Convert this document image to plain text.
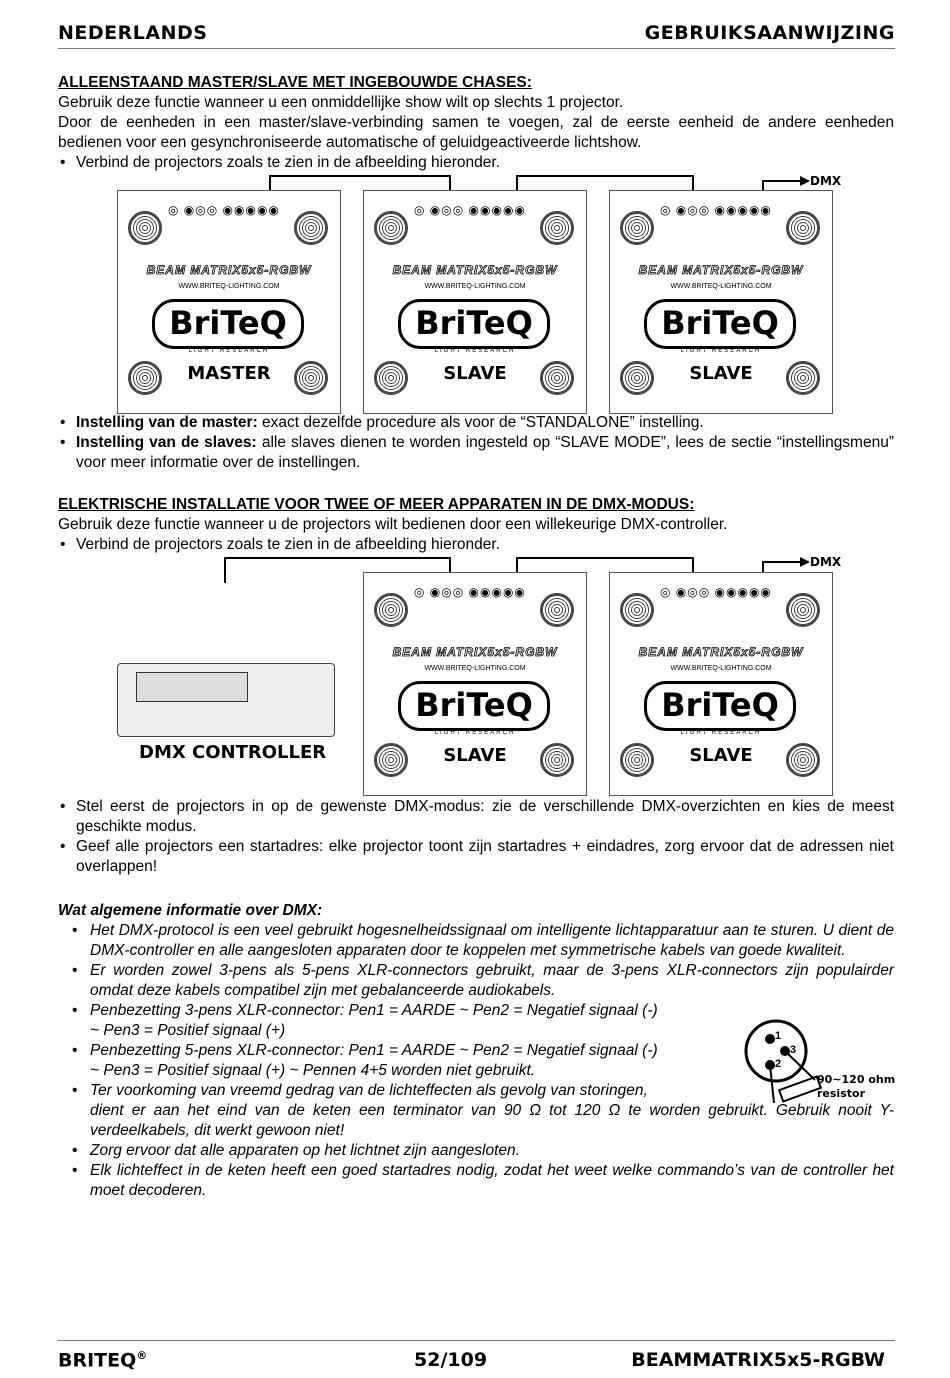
NEDERLANDS	GEBRUIKSAANWIJZING
ALLEENSTAAND MASTER/SLAVE MET INGEBOUWDE CHASES:
Gebruik deze functie wanneer u een onmiddellijke show wilt op slechts 1 projector.
Door de eenheden in een master/slave-verbinding samen te voegen, zal de eerste eenheid de andere eenheden bedienen voor een gesynchroniseerde automatische of geluidgeactiveerde lichtshow.
• Verbind de projectors zoals te zien in de afbeelding hieronder.
DMX
DMX
◎ ◉◎◎ ◉◉◉◉◉
BEAM MATRIX5x5-RGBW
WWW.BRITEQ-LIGHTING.COM
BriTeQ
LIGHT RESEARCH
MASTER
◎ ◉◎◎ ◉◉◉◉◉
BEAM MATRIX5x5-RGBW
WWW.BRITEQ-LIGHTING.COM
BriTeQ
LIGHT RESEARCH
SLAVE
◎ ◉◎◎ ◉◉◉◉◉
BEAM MATRIX5x5-RGBW
WWW.BRITEQ-LIGHTING.COM
BriTeQ
LIGHT RESEARCH
SLAVE
• Instelling van de master: exact dezelfde procedure als voor de “STANDALONE” instelling.
• Instelling van de slaves: alle slaves dienen te worden ingesteld op “SLAVE MODE”, lees de sectie “instellingsmenu” voor meer informatie over de instellingen.
ELEKTRISCHE INSTALLATIE VOOR TWEE OF MEER APPARATEN IN DE DMX-MODUS:
Gebruik deze functie wanneer u de projectors wilt bedienen door een willekeurige DMX-controller.
• Verbind de projectors zoals te zien in de afbeelding hieronder.
DMX CONTROLLER
◎ ◉◎◎ ◉◉◉◉◉
BEAM MATRIX5x5-RGBW
WWW.BRITEQ-LIGHTING.COM
BriTeQ
LIGHT RESEARCH
SLAVE
◎ ◉◎◎ ◉◉◉◉◉
BEAM MATRIX5x5-RGBW
WWW.BRITEQ-LIGHTING.COM
BriTeQ
LIGHT RESEARCH
SLAVE
• Stel eerst de projectors in op de gewenste DMX-modus: zie de verschillende DMX-overzichten en kies de meest geschikte modus.
• Geef alle projectors een startadres: elke projector toont zijn startadres + eindadres, zorg ervoor dat de adressen niet overlappen!
Wat algemene informatie over DMX:
• Het DMX-protocol is een veel gebruikt hogesnelheidssignaal om intelligente lichtapparatuur aan te sturen. U dient de DMX-controller en alle aangesloten apparaten door te koppelen met symmetrische kabels van goede kwaliteit.
• Er worden zowel 3-pens als 5-pens XLR-connectors gebruikt, maar de 3-pens XLR-connectors zijn populairder omdat deze kabels compatibel zijn met gebalanceerde audiokabels.
• Penbezetting 3-pens XLR-connector: Pen1 = AARDE ~ Pen2 = Negatief signaal (-)
~ Pen3 = Positief signaal (+)
• Penbezetting 5-pens XLR-connector: Pen1 = AARDE ~ Pen2 = Negatief signaal (-)
~ Pen3 = Positief signaal (+) ~ Pennen 4+5 worden niet gebruikt.
• Ter voorkoming van vreemd gedrag van de lichteffecten als gevolg van storingen,
dient er aan het eind van de keten een terminator van 90 Ω tot 120 Ω te worden gebruikt. Gebruik nooit Y-verdeelkabels, dit werkt gewoon niet!
• Zorg ervoor dat alle apparaten op het lichtnet zijn aangesloten.
• Elk lichteffect in de keten heeft een goed startadres nodig, zodat het weet welke commando’s van de controller het moet decoderen.
1
3
2
90~120 ohm
resistor
BRITEQ®	52/109	BEAMMATRIX5x5-RGBW
